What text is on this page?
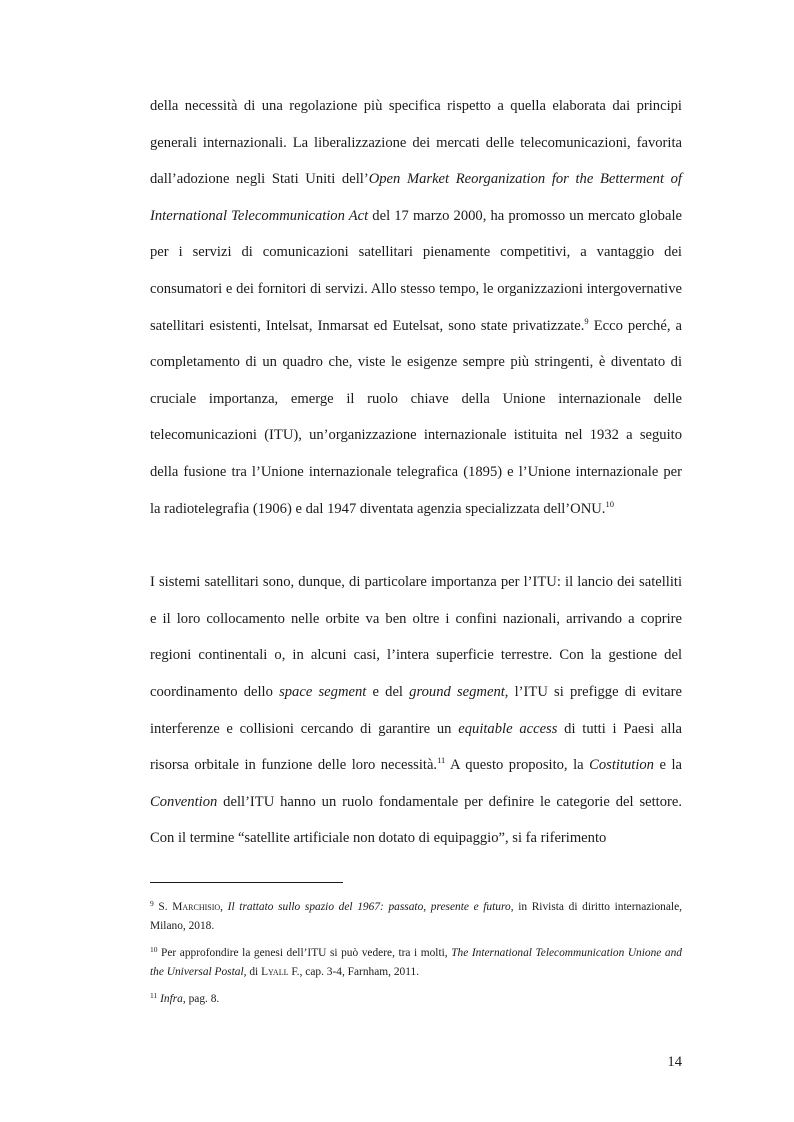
della necessità di una regolazione più specifica rispetto a quella elaborata dai principi generali internazionali. La liberalizzazione dei mercati delle telecomunicazioni, favorita dall’adozione negli Stati Uniti dell’Open Market Reorganization for the Betterment of International Telecommunication Act del 17 marzo 2000, ha promosso un mercato globale per i servizi di comunicazioni satellitari pienamente competitivi, a vantaggio dei consumatori e dei fornitori di servizi. Allo stesso tempo, le organizzazioni intergovernative satellitari esistenti, Intelsat, Inmarsat ed Eutelsat, sono state privatizzate.$^9$ Ecco perché, a completamento di un quadro che, viste le esigenze sempre più stringenti, è diventato di cruciale importanza, emerge il ruolo chiave della Unione internazionale delle telecomunicazioni (ITU), un’organizzazione internazionale istituita nel 1932 a seguito della fusione tra l’Unione internazionale telegrafica (1895) e l’Unione internazionale per la radiotelegrafia (1906) e dal 1947 diventata agenzia specializzata dell’ONU.$^{10}$

I sistemi satellitari sono, dunque, di particolare importanza per l’ITU: il lancio dei satelliti e il loro collocamento nelle orbite va ben oltre i confini nazionali, arrivando a coprire regioni continentali o, in alcuni casi, l’intera superficie terrestre. Con la gestione del coordinamento dello space segment e del ground segment, l’ITU si prefigge di evitare interferenze e collisioni cercando di garantire un equitable access di tutti i Paesi alla risorsa orbitale in funzione delle loro necessità.$^{11}$ A questo proposito, la Costitution e la Convention dell’ITU hanno un ruolo fondamentale per definire le categorie del settore. Con il termine “satellite artificiale non dotato di equipaggio”, si fa riferimento

$^9$ S. Marchisio, Il trattato sullo spazio del 1967: passato, presente e futuro, in Rivista di diritto internazionale, Milano, 2018.

$^{10}$ Per approfondire la genesi dell’ITU si può vedere, tra i molti, The International Telecommunication Unione and the Universal Postal, di Lyall F., cap. 3-4, Farnham, 2011.

$^{11}$ Infra, pag. 8.

14
